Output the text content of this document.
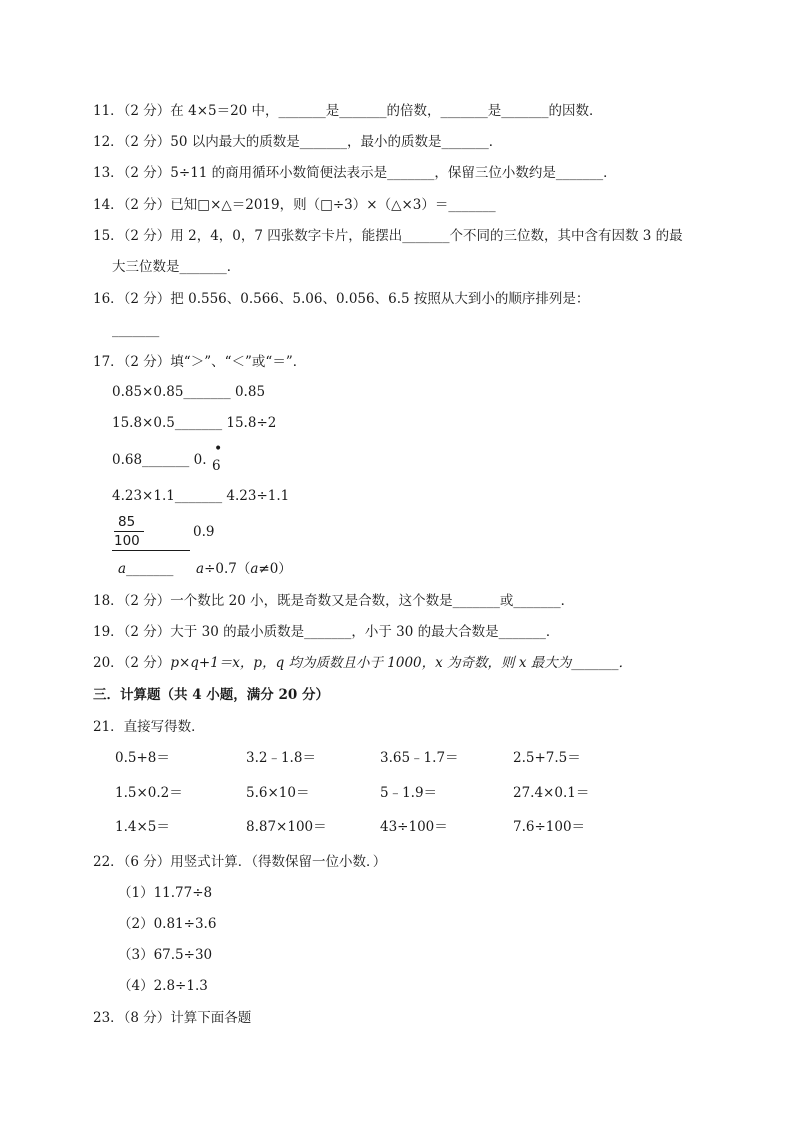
11．（2 分）在 4×5＝20 中，_______是_______的倍数，_______是_______的因数．
12．（2 分）50 以内最大的质数是_______，最小的质数是_______．
13．（2 分）5÷11 的商用循环小数简便法表示是_______，保留三位小数约是_______．
14．（2 分）已知□×△＝2019，则（□÷3）×（△×3）＝_______
15．（2 分）用 2，4，0，7 四张数字卡片，能摆出_______个不同的三位数，其中含有因数 3 的最
大三位数是_______．
16．（2 分）把 0.556、0.566、5.06、0.056、6.5 按照从大到小的顺序排列是：
_______
17．（2 分）填“＞”、“＜”或“＝”．
0.85×0.85_______ 0.85
15.8×0.5_______ 15.8÷2
0.68_______ 0. 6
•
4.23×1.1_______ 4.23÷1.1
85
100
0.9
a_______ a÷0.7（a≠0）
18．（2 分）一个数比 20 小，既是奇数又是合数，这个数是_______或_______．
19．（2 分）大于 30 的最小质数是_______，小于 30 的最大合数是_______．
20．（2 分）p×q+1＝x，p，q 均为质数且小于 1000，x 为奇数，则 x 最大为_______．
三．计算题（共 4 小题，满分 20 分）
21．直接写得数．
0.5+8＝	3.2﹣1.8＝	3.65﹣1.7＝	2.5+7.5＝
1.5×0.2＝	5.6×10＝	5﹣1.9＝	27.4×0.1＝
1.4×5＝	8.87×100＝	43÷100＝	7.6÷100＝
22．（6 分）用竖式计算．（得数保留一位小数．）
（1）11.77÷8
（2）0.81÷3.6
（3）67.5÷30
（4）2.8÷1.3
23．（8 分）计算下面各题
